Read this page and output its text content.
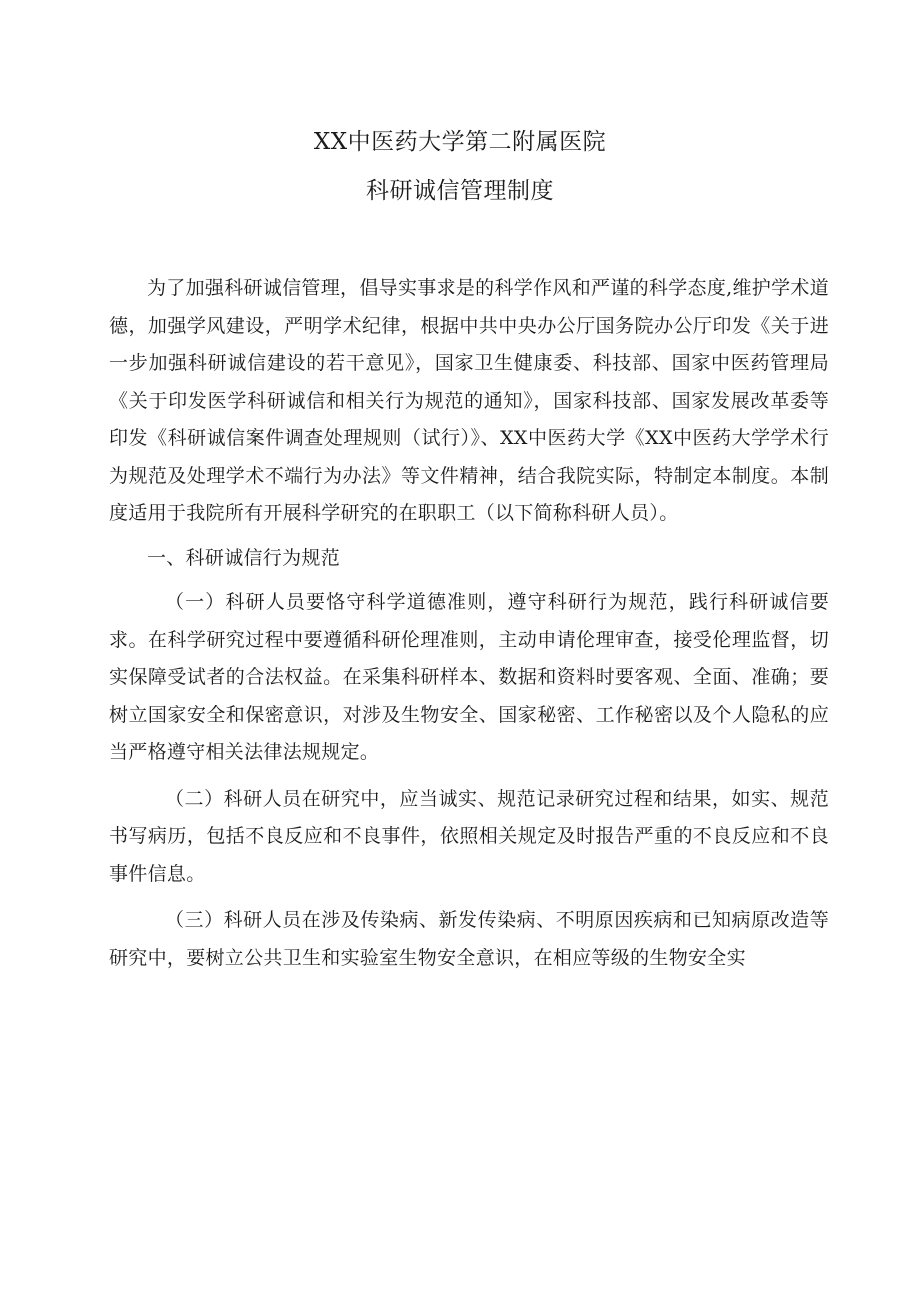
XX中医药大学第二附属医院
科研诚信管理制度

为了加强科研诚信管理，倡导实事求是的科学作风和严谨的科学态度,维护学术道德，加强学风建设，严明学术纪律，根据中共中央办公厅国务院办公厅印发《关于进一步加强科研诚信建设的若干意见》，国家卫生健康委、科技部、国家中医药管理局《关于印发医学科研诚信和相关行为规范的通知》，国家科技部、国家发展改革委等印发《科研诚信案件调查处理规则（试行）》、XX中医药大学《XX中医药大学学术行为规范及处理学术不端行为办法》等文件精神，结合我院实际，特制定本制度。本制度适用于我院所有开展科学研究的在职职工（以下简称科研人员）。

一、科研诚信行为规范

（一）科研人员要恪守科学道德准则，遵守科研行为规范，践行科研诚信要求。在科学研究过程中要遵循科研伦理准则，主动申请伦理审查，接受伦理监督，切实保障受试者的合法权益。在采集科研样本、数据和资料时要客观、全面、准确；要树立国家安全和保密意识，对涉及生物安全、国家秘密、工作秘密以及个人隐私的应当严格遵守相关法律法规规定。

（二）科研人员在研究中，应当诚实、规范记录研究过程和结果，如实、规范书写病历，包括不良反应和不良事件，依照相关规定及时报告严重的不良反应和不良事件信息。

（三）科研人员在涉及传染病、新发传染病、不明原因疾病和已知病原改造等研究中，要树立公共卫生和实验室生物安全意识，在相应等级的生物安全实
